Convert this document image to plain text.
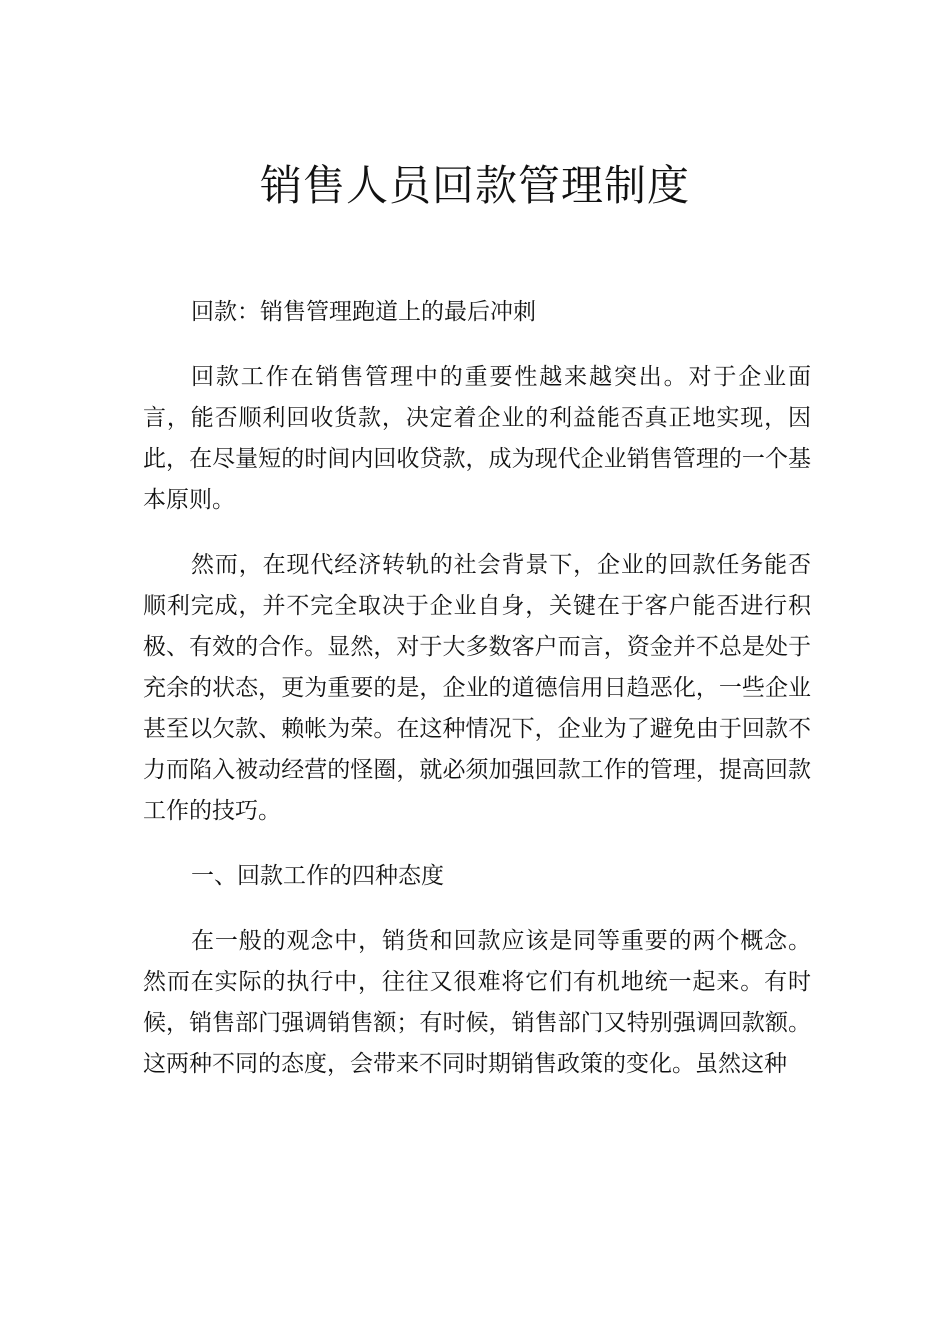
销售人员回款管理制度

回款：销售管理跑道上的最后冲刺

回款工作在销售管理中的重要性越来越突出。对于企业面言，能否顺利回收货款，决定着企业的利益能否真正地实现，因此，在尽量短的时间内回收贷款，成为现代企业销售管理的一个基本原则。

然而，在现代经济转轨的社会背景下，企业的回款任务能否顺利完成，并不完全取决于企业自身，关键在于客户能否进行积极、有效的合作。显然，对于大多数客户而言，资金并不总是处于充余的状态，更为重要的是，企业的道德信用日趋恶化，一些企业甚至以欠款、赖帐为荣。在这种情况下，企业为了避免由于回款不力而陷入被动经营的怪圈，就必须加强回款工作的管理，提高回款工作的技巧。

一、回款工作的四种态度

在一般的观念中，销货和回款应该是同等重要的两个概念。然而在实际的执行中，往往又很难将它们有机地统一起来。有时候，销售部门强调销售额；有时候，销售部门又特别强调回款额。这两种不同的态度，会带来不同时期销售政策的变化。虽然这种
